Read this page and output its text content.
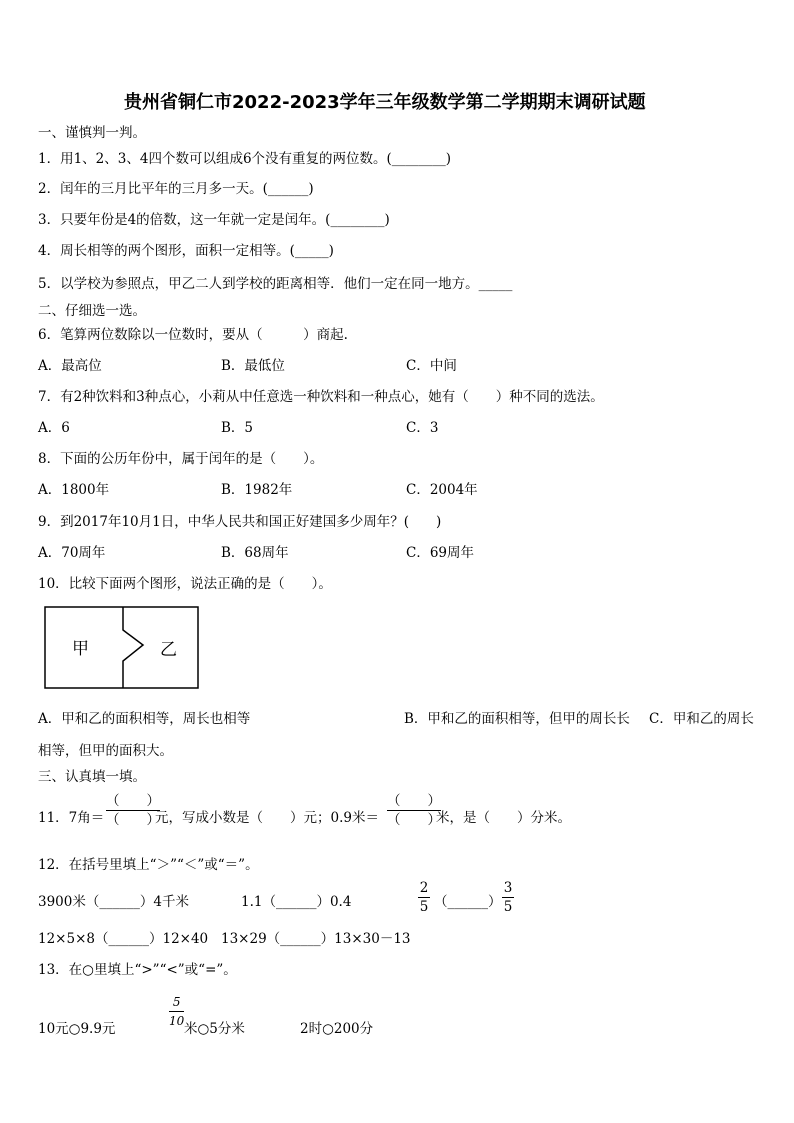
贵州省铜仁市2022-2023学年三年级数学第二学期期末调研试题
一、谨慎判一判。
1．用1、2、3、4四个数可以组成6个没有重复的两位数。(________)
2．闰年的三月比平年的三月多一天。(______)
3．只要年份是4的倍数，这一年就一定是闰年。(________)
4．周长相等的两个图形，面积一定相等。(_____)
5．以学校为参照点，甲乙二人到学校的距离相等．他们一定在同一地方。_____
二、仔细选一选。
6．笔算两位数除以一位数时，要从（　　　）商起.
A．最高位	B．最低位	C．中间
7．有2种饮料和3种点心，小莉从中任意选一种饮料和一种点心，她有（　　）种不同的选法。
A．6	B．5	C．3
8．下面的公历年份中，属于闰年的是（　　）。
A．1800年	B．1982年	C．2004年
9．到2017年10月1日，中华人民共和国正好建国多少周年？(　　)
A．70周年	B．68周年	C．69周年
10．比较下面两个图形，说法正确的是（　　）。
甲	乙
A．甲和乙的面积相等，周长也相等	B．甲和乙的面积相等，但甲的周长长 C．甲和乙的周长
相等，但甲的面积大。
三、认真填一填。
11．7角＝
（　　）
（　　）
元，写成小数是（　　）元；0.9米＝
（　　）
（　　）
米，是（　　）分米。
12．在括号里填上“＞”“＜”或“＝”。
3900米（______）4千米	1.1（______）0.4
2
5 （______）
3
5
12×5×8（______）12×40 13×29（______）13×30－13
13．在○里填上“>”“<”或“=”。
10元○9.9元
5
10 米○5分米	2时○200分
